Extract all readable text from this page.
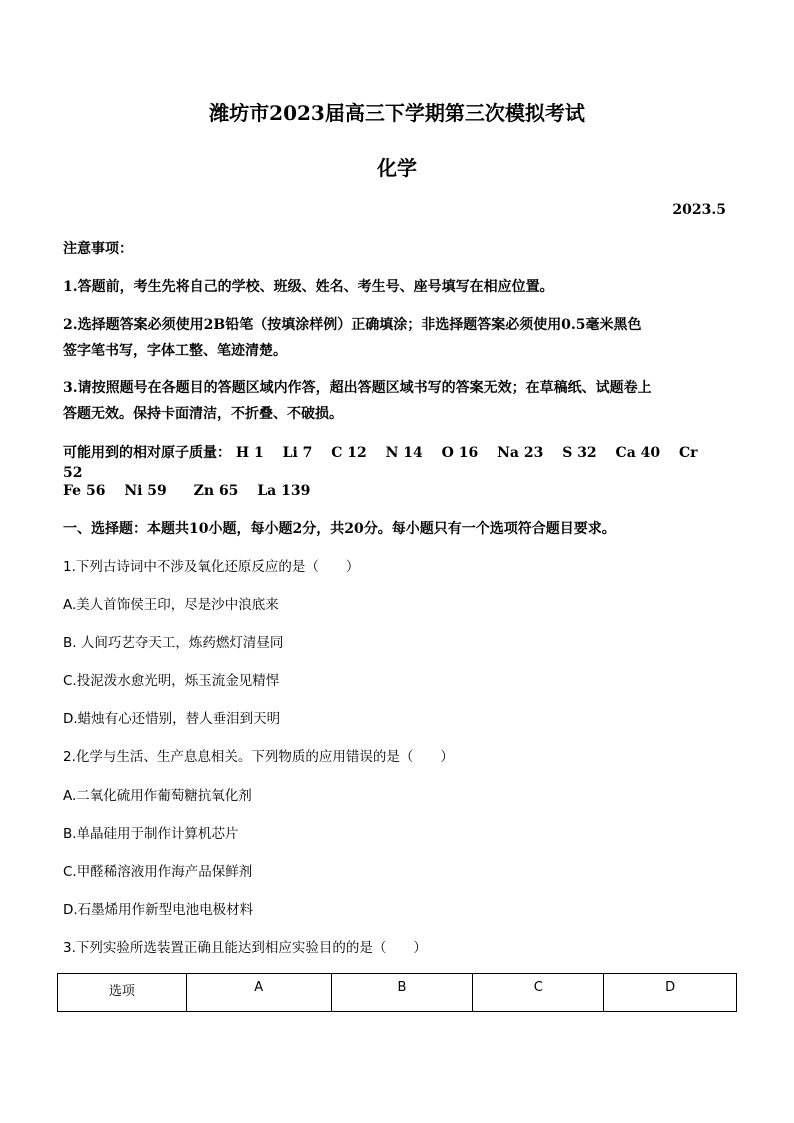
潍坊市2023届高三下学期第三次模拟考试
化学
2023.5
注意事项：
1.答题前，考生先将自己的学校、班级、姓名、考生号、座号填写在相应位置。
2.选择题答案必须使用2B铅笔（按填涂样例）正确填涂；非选择题答案必须使用0.5毫米黑色
签字笔书写，字体工整、笔迹清楚。
3.请按照题号在各题目的答题区域内作答，超出答题区域书写的答案无效；在草稿纸、试题卷上
答题无效。保持卡面清洁，不折叠、不破损。
可能用到的相对原子质量： H 1 Li 7 C 12 N 14 O 16 Na 23 S 32 Ca 40 Cr 52
Fe 56 Ni 59 Zn 65 La 139
一、选择题：本题共10小题，每小题2分，共20分。每小题只有一个选项符合题目要求。
1.下列古诗词中不涉及氧化还原反应的是（　　）
A.美人首饰侯王印，尽是沙中浪底来
B. 人间巧艺夺天工，炼药燃灯清昼同
C.投泥泼水愈光明，烁玉流金见精悍
D.蜡烛有心还惜别，替人垂泪到天明
2.化学与生活、生产息息相关。下列物质的应用错误的是（　　）
A.二氧化硫用作葡萄糖抗氧化剂
B.单晶硅用于制作计算机芯片
C.甲醛稀溶液用作海产品保鲜剂
D.石墨烯用作新型电池电极材料
3.下列实验所选装置正确且能达到相应实验目的的是（　　）
选项	A	B	C	D
